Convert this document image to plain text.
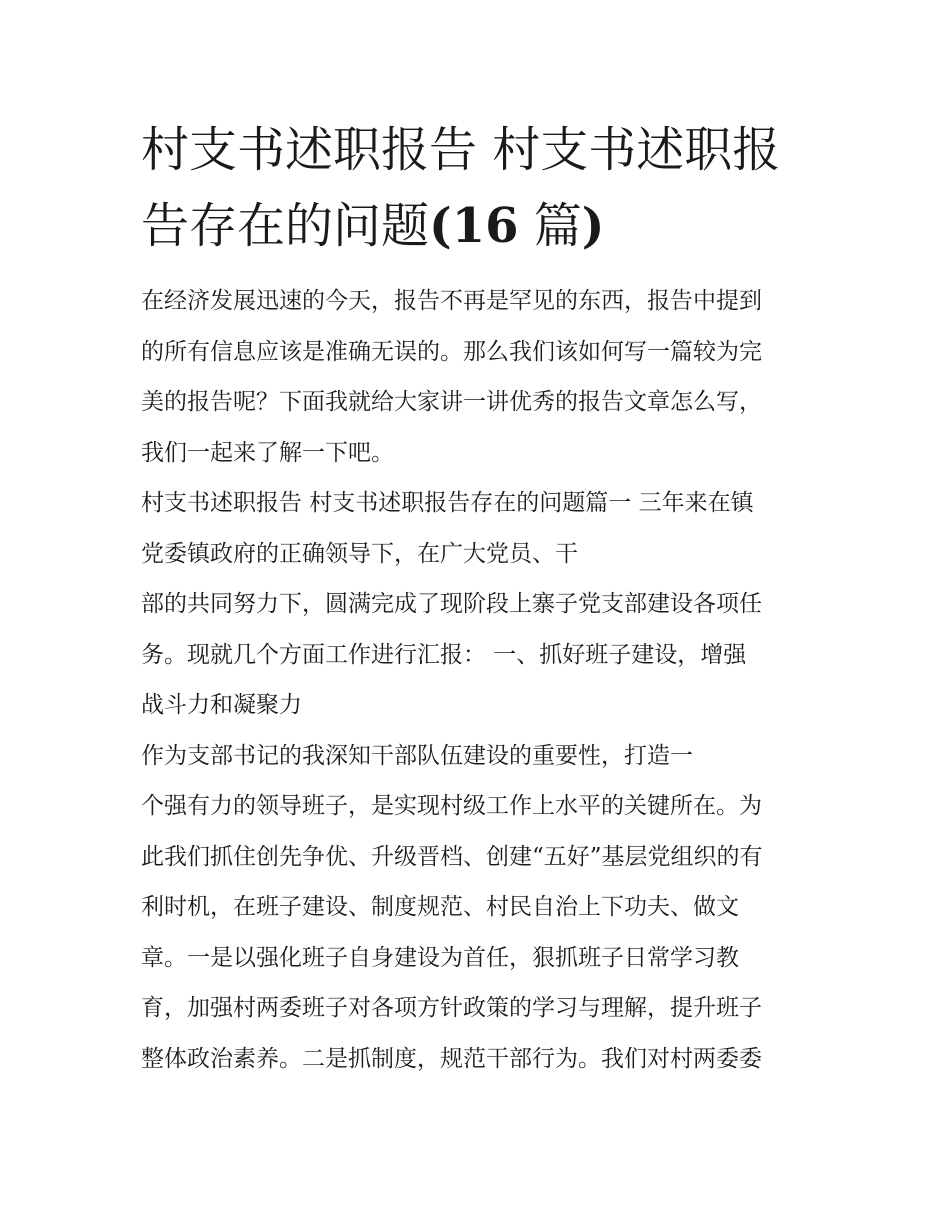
村支书述职报告 村支书述职报
告存在的问题(16 篇)
在经济发展迅速的今天，报告不再是罕见的东西，报告中提到
的所有信息应该是准确无误的。那么我们该如何写一篇较为完
美的报告呢？下面我就给大家讲一讲优秀的报告文章怎么写，
我们一起来了解一下吧。
村支书述职报告 村支书述职报告存在的问题篇一 三年来在镇
党委镇政府的正确领导下，在广大党员、干
部的共同努力下，圆满完成了现阶段上寨子党支部建设各项任
务。现就几个方面工作进行汇报： 一、抓好班子建设，增强
战斗力和凝聚力
作为支部书记的我深知干部队伍建设的重要性，打造一
个强有力的领导班子，是实现村级工作上水平的关键所在。为
此我们抓住创先争优、升级晋档、创建“五好”基层党组织的有
利时机，在班子建设、制度规范、村民自治上下功夫、做文
章。一是以强化班子自身建设为首任，狠抓班子日常学习教
育，加强村两委班子对各项方针政策的学习与理解，提升班子
整体政治素养。二是抓制度，规范干部行为。我们对村两委委
